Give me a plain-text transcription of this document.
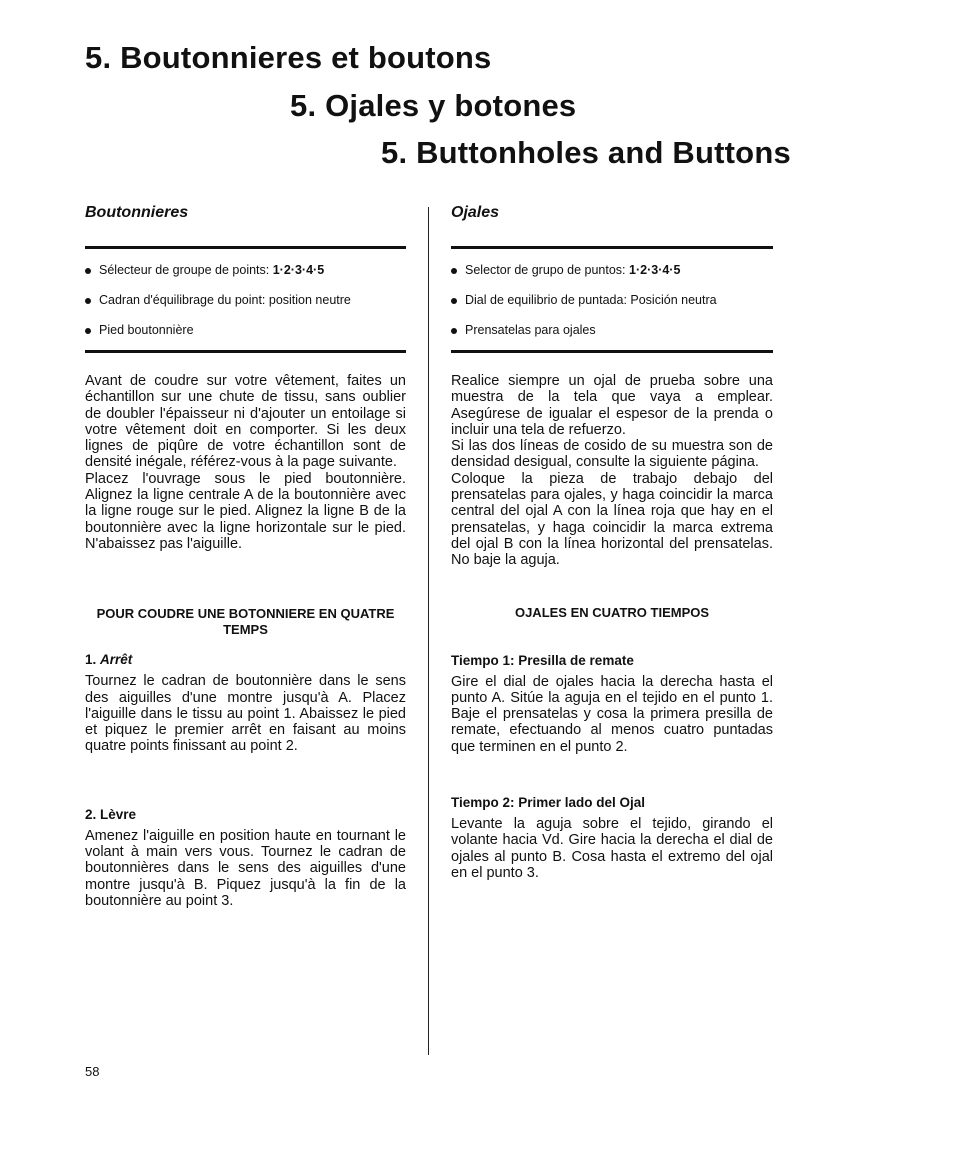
5. Boutonnieres et boutons
5. Ojales y botones
5. Buttonholes and Buttons
Boutonnieres
Sélecteur de groupe de points: 1·2·3·4·5
Cadran d'équilibrage du point: position neutre
Pied boutonnière

Avant de coudre sur votre vêtement, faites un échantillon sur une chute de tissu, sans oublier de doubler l'épaisseur ni d'ajouter un entoilage si votre vêtement doit en comporter. Si les deux lignes de piqûre de votre échantillon sont de densité inégale, référez-vous à la page suivante.

Placez l'ouvrage sous le pied boutonnière. Alignez la ligne centrale A de la boutonnière avec la ligne rouge sur le pied. Alignez la ligne B de la boutonnière avec la ligne horizontale sur le pied. N'abaissez pas l'aiguille.

POUR COUDRE UNE BOTONNIERE EN QUATRE TEMPS

1. Arrêt

Tournez le cadran de boutonnière dans le sens des aiguilles d'une montre jusqu'à A. Placez l'aiguille dans le tissu au point 1. Abaissez le pied et piquez le premier arrêt en faisant au moins quatre points finissant au point 2.

2. Lèvre

Amenez l'aiguille en position haute en tournant le volant à main vers vous. Tournez le cadran de boutonnières dans le sens des aiguilles d'une montre jusqu'à B. Piquez jusqu'à la fin de la boutonnière au point 3.

Ojales
Selector de grupo de puntos: 1·2·3·4·5
Dial de equilibrio de puntada: Posición neutra
Prensatelas para ojales

Realice siempre un ojal de prueba sobre una muestra de la tela que vaya a emplear. Asegúrese de igualar el espesor de la prenda o incluir una tela de refuerzo.

Si las dos líneas de cosido de su muestra son de densidad desigual, consulte la siguiente página.

Coloque la pieza de trabajo debajo del prensatelas para ojales, y haga coincidir la marca central del ojal A con la línea roja que hay en el prensatelas, y haga coincidir la marca extrema del ojal B con la línea horizontal del prensatelas. No baje la aguja.

OJALES EN CUATRO TIEMPOS

Tiempo 1: Presilla de remate

Gire el dial de ojales hacia la derecha hasta el punto A. Sitúe la aguja en el tejido en el punto 1. Baje el prensatelas y cosa la primera presilla de remate, efectuando al menos cuatro puntadas que terminen en el punto 2.

Tiempo 2: Primer lado del Ojal

Levante la aguja sobre el tejido, girando el volante hacia Vd. Gire hacia la derecha el dial de ojales al punto B. Cosa hasta el extremo del ojal en el punto 3.

58
